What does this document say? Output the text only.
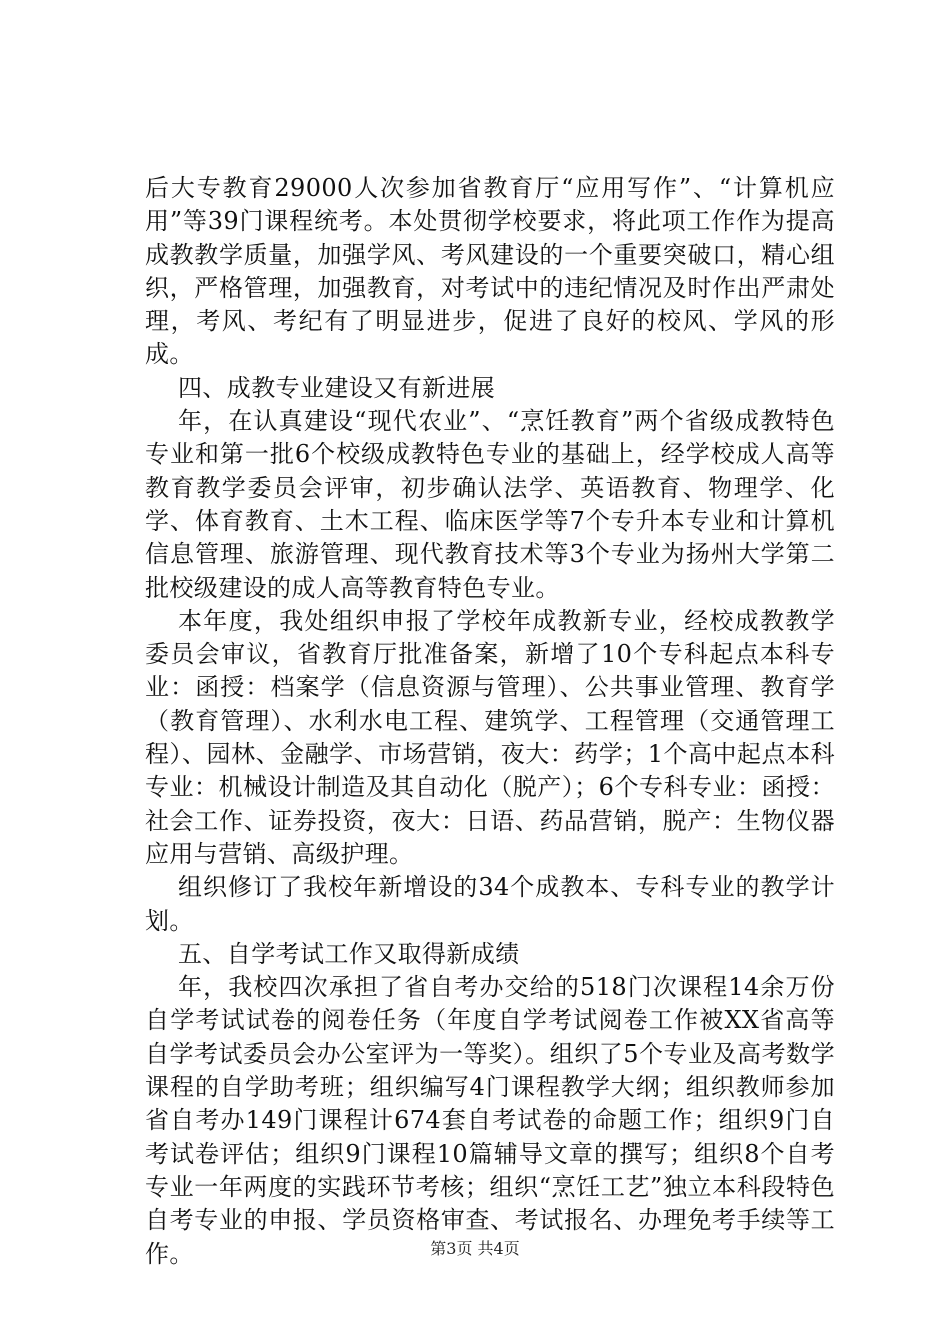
后大专教育29000人次参加省教育厅“应用写作”、“计算机应用”等39门课程统考。本处贯彻学校要求，将此项工作作为提高成教教学质量，加强学风、考风建设的一个重要突破口，精心组织，严格管理，加强教育，对考试中的违纪情况及时作出严肃处理，考风、考纪有了明显进步，促进了良好的校风、学风的形成。

四、成教专业建设又有新进展

年，在认真建设“现代农业”、“烹饪教育”两个省级成教特色专业和第一批6个校级成教特色专业的基础上，经学校成人高等教育教学委员会评审，初步确认法学、英语教育、物理学、化学、体育教育、土木工程、临床医学等7个专升本专业和计算机信息管理、旅游管理、现代教育技术等3个专业为扬州大学第二批校级建设的成人高等教育特色专业。

本年度，我处组织申报了学校年成教新专业，经校成教教学委员会审议，省教育厅批准备案，新增了10个专科起点本科专业：函授：档案学（信息资源与管理）、公共事业管理、教育学（教育管理）、水利水电工程、建筑学、工程管理（交通管理工程）、园林、金融学、市场营销，夜大：药学；1个高中起点本科专业：机械设计制造及其自动化（脱产）；6个专科专业：函授：社会工作、证券投资，夜大：日语、药品营销，脱产：生物仪器应用与营销、高级护理。

组织修订了我校年新增设的34个成教本、专科专业的教学计划。

五、自学考试工作又取得新成绩

年，我校四次承担了省自考办交给的518门次课程14余万份自学考试试卷的阅卷任务（年度自学考试阅卷工作被XX省高等自学考试委员会办公室评为一等奖）。组织了5个专业及高考数学课程的自学助考班；组织编写4门课程教学大纲；组织教师参加省自考办149门课程计674套自考试卷的命题工作；组织9门自考试卷评估；组织9门课程10篇辅导文章的撰写；组织8个自考专业一年两度的实践环节考核；组织“烹饪工艺”独立本科段特色自考专业的申报、学员资格审查、考试报名、办理免考手续等工作。	第3页 共4页
